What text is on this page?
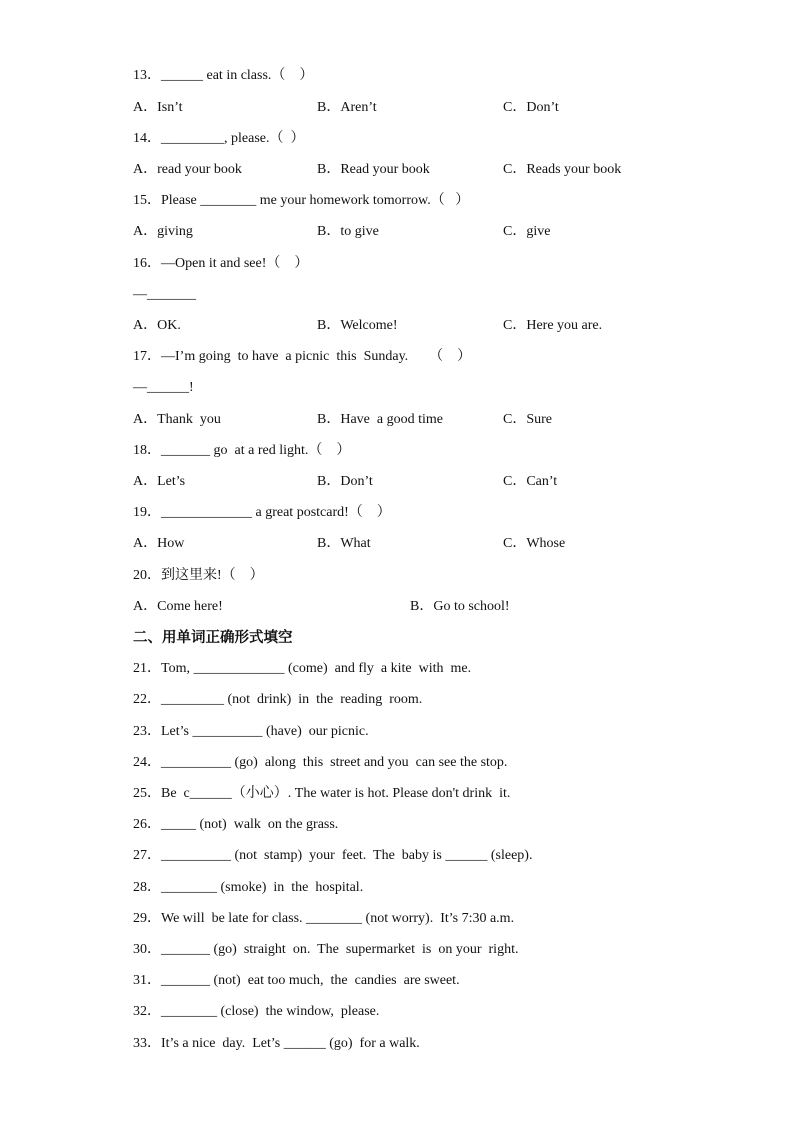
13．______ eat in class.（    ）
A．Isn’t	B．Aren’t	C．Don’t
14．_________, please.（  ）
A．read your book	B．Read your book	C．Reads your book
15．Please ________ me your homework tomorrow.（   ）
A．giving	B．to give	C．give
16．—Open it and see!（    ）
—_______
A．OK.	B．Welcome!	C．Here you are.
17．—I’m going  to have  a picnic  this  Sunday.      （    ）
—______!
A．Thank  you	B．Have  a good time	C．Sure
18．_______ go  at a red light.（    ）
A．Let’s	B．Don’t	C．Can’t
19．_____________ a great postcard!（    ）
A．How	B．What	C．Whose
20．到这里来!（    ）
A．Come here!	B．Go to school!
二、用单词正确形式填空
21．Tom, _____________ (come)  and fly  a kite  with  me.
22．_________ (not  drink)  in  the  reading  room.
23．Let’s __________ (have)  our picnic.
24．__________ (go)  along  this  street and you  can see the stop.
25．Be  c______（小心）. The water is hot. Please don't drink  it.
26．_____ (not)  walk  on the grass.
27．__________ (not  stamp)  your  feet.  The  baby is ______ (sleep).
28．________ (smoke)  in  the  hospital.
29．We will  be late for class. ________ (not worry).  It’s 7:30 a.m.
30．_______ (go)  straight  on.  The  supermarket  is  on your  right.
31．_______ (not)  eat too much,  the  candies  are sweet.
32．________ (close)  the window,  please.
33．It’s a nice  day.  Let’s ______ (go)  for a walk.
